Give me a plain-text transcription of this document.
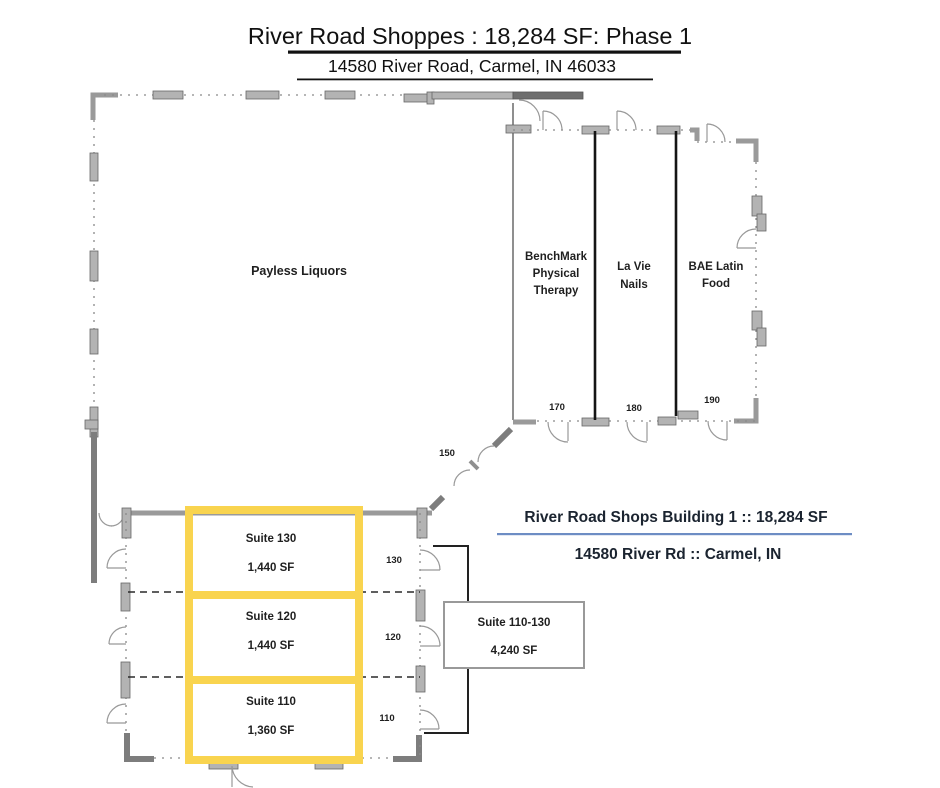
River Road Shoppes : 18,284 SF: Phase 1
14580 River Road, Carmel, IN 46033
Suite 110-130
4,240 SF
Payless Liquors
BenchMark
Physical
Therapy
La Vie
Nails
BAE Latin
Food
150
170	180
190
Suite 130
1,440 SF
130
Suite 120
1,440 SF
120
Suite 110
1,360 SF
110
River Road Shops Building 1 :: 18,284 SF
14580 River Rd :: Carmel, IN
